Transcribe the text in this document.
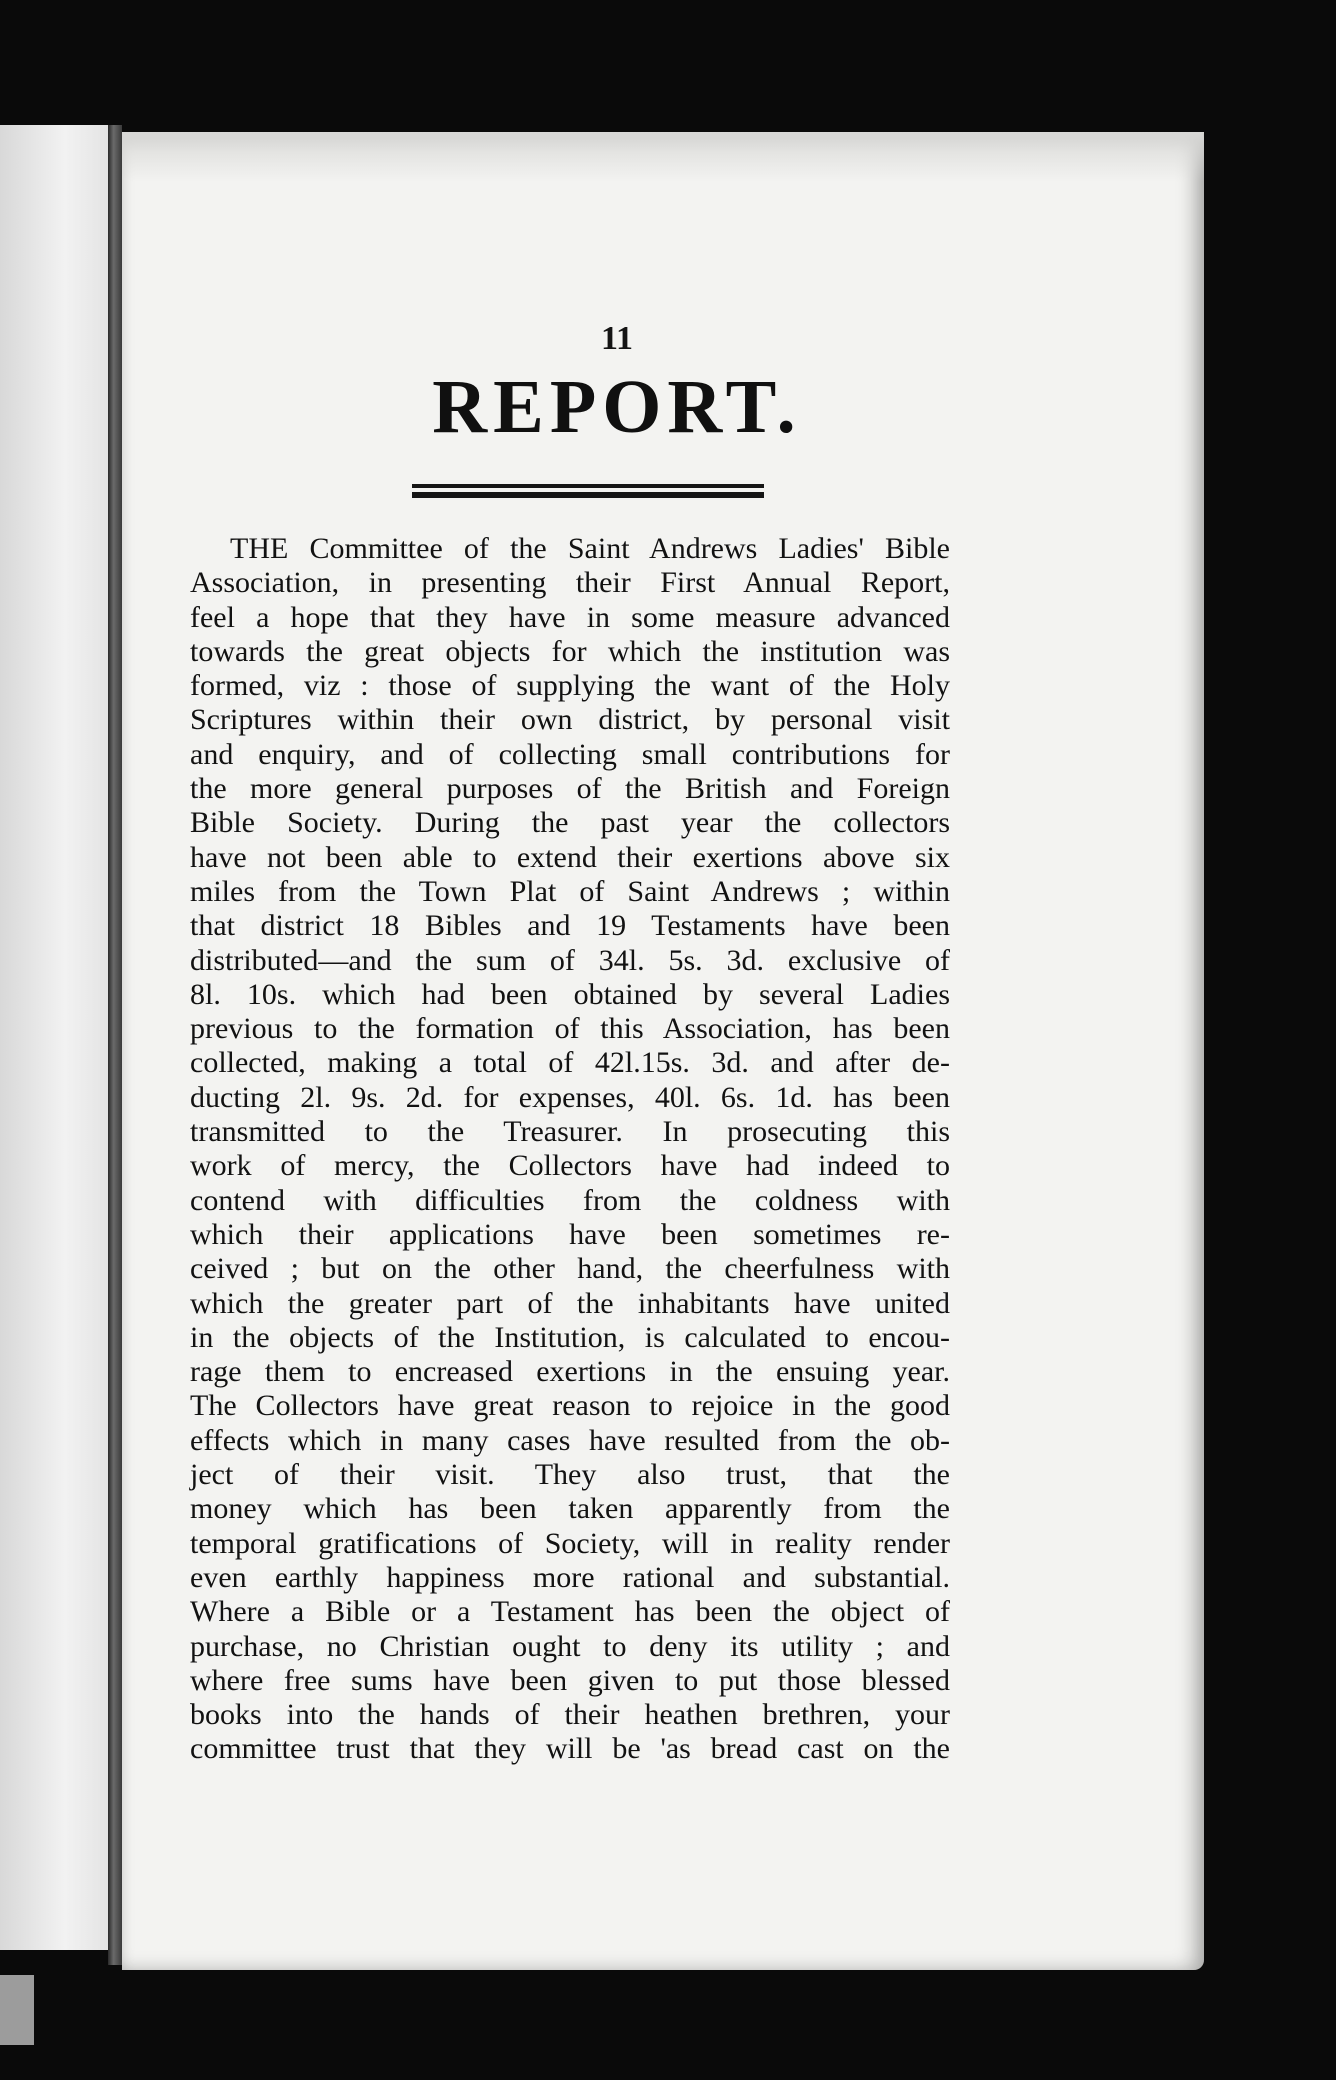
11
REPORT.
THE Committee of the Saint Andrews Ladies' Bible
Association, in presenting their First Annual Report,
feel a hope that they have in some measure advanced
towards the great objects for which the institution was
formed, viz : those of supplying the want of the Holy
Scriptures within their own district, by personal visit
and enquiry, and of collecting small contributions for
the more general purposes of the British and Foreign
Bible Society. During the past year the collectors
have not been able to extend their exertions above six
miles from the Town Plat of Saint Andrews ; within
that district 18 Bibles and 19 Testaments have been
distributed—and the sum of 34l. 5s. 3d. exclusive of
8l. 10s. which had been obtained by several Ladies
previous to the formation of this Association, has been
collected, making a total of 42l.15s. 3d. and after de-
ducting 2l. 9s. 2d. for expenses, 40l. 6s. 1d. has been
transmitted to the Treasurer. In prosecuting this
work of mercy, the Collectors have had indeed to
contend with difficulties from the coldness with
which their applications have been sometimes re-
ceived ; but on the other hand, the cheerfulness with
which the greater part of the inhabitants have united
in the objects of the Institution, is calculated to encou-
rage them to encreased exertions in the ensuing year.
The Collectors have great reason to rejoice in the good
effects which in many cases have resulted from the ob-
ject of their visit. They also trust, that the
money which has been taken apparently from the
temporal gratifications of Society, will in reality render
even earthly happiness more rational and substantial.
Where a Bible or a Testament has been the object of
purchase, no Christian ought to deny its utility ; and
where free sums have been given to put those blessed
books into the hands of their heathen brethren, your
committee trust that they will be 'as bread cast on the
